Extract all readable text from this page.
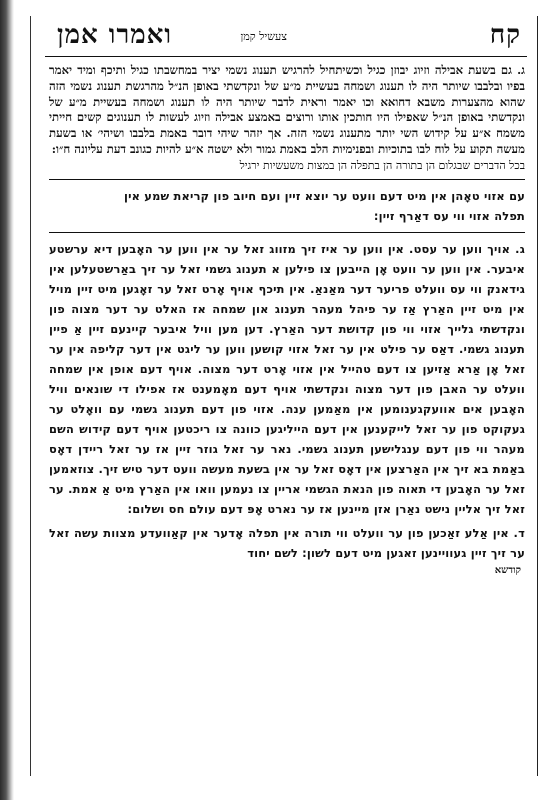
קח
צעשיל קמן
ואמרו אמן

ג. גם בשעת אבילה וזיוג יבוזן כגיל וכשיתחיל להרגיש תענוג נשמי יציר במחשבתו כגיל ותיכף ומיד יאמר בפיו ובלבבו שיותר היה לו תענוג ושמחה בעשיית מ״ע של ונקדשתי באופן הנ״ל מהרגשת תענוג נשמי הזה שהוא מהצערות משבא דחואא וכו יאמר וראית לדבר שיותר היה לו תענוג ושמחה בעשיית מ״ע של ונקדשתי באופן הנ״ל שאפילו היו חותכין אותו ורוצים באמצע אבילה וזיוג לעשות לו תענוגים קשים חייתי משמח א״ע על קידוש השי יותר מתענוג נשמי הזה. אך יזהר שיהי דובר באמת בלבבו ושיהי׳ או בשעת מעשה תקוע על לוח לבו בתוכיות ובפנימיות הלב באמת גמור ולא ישטה א״ע להיות כגונב דעת עליונה ח״ו:

בכל הדברים שבגלום הן בתורה הן בתפלה הן במצות משעשיות ירגיל

עם אזוי טאָהן אין מיט דעם וועט ער יוצא זיין ועם חיוב פון קריאת שמע אין

תפלה אזוי ווי עס דאַרף זיין:

ג. אויך ווען ער עסט. אין ווען ער איז זיך מזווג זאל ער אין ווען ער האָבען דיא ערשטע איבער. אין ווען ער וועט אָן הייבען צו פילען א תענוג גשמי זאל ער זיך באַרשטעלען אין גידאנק ווי עס וועלט פריער דער מאַנאַ. אין תיכף אויף אָרט זאל ער זאָגען מיט זיין מויל אין מיט זיין האַרץ אַז ער פיהל מעהר תענוג און שמחה אז האלט ער דער מצוה פון ונקדשתי גלייך אזוי ווי פון קדושת דער האַרץ. דען מען וויל איבער קיינעם זיין אַ פיין תענוג גשמי. דאַס ער פילט אין ער זאל אזוי קושען ווען ער ליגט אין דער קליפה אין ער זאל אָן אַרא אַזיען צו דעם טהייל אין אזוי אָרט דער מצוה. אויף דעם אופן אין שמחה וועלט ער האבן פון דער מצוה ונקדשתי אויף דעם מאָמענט אז אפילו די שונאים וויל האָבען אים אוועקגענומען אין מאַמען ענה. אזוי פון דעם תענוג גשמי עם וואָלט ער געקוקט פון ער זאל לייקענען אין דעם הייליגען כוונה צו ריכטען אויף דעם קידוש השם מעהר ווי פון דעם ענגלישען תענוג גשמי. נאר ער זאל גוזר זיין אז ער זאל ריידן דאָס באַמת בא זיך אין האַרצען אין דאָס זאל ער אין בשעת מעשה וועט דער טיש זיך. צוזאמען זאל ער האָבען די תאוה פון הנאת הגשמי אריין צו נעמען וואו אין האַרץ מיט אַ אמת. ער זאל זיך אליין נישט נאַרן אזן מיינען אז ער נארט אָפּ דעם עולם חס ושלום:

ד. אין אַלע זאַכען פון ער וועלט ווי תורה אין תפלה אָדער אין קאַוועדע מצוות עשה זאל ער זיך זיין געוויינען זאגען מיט דעם לשון: לשם יחוד

קודשא
